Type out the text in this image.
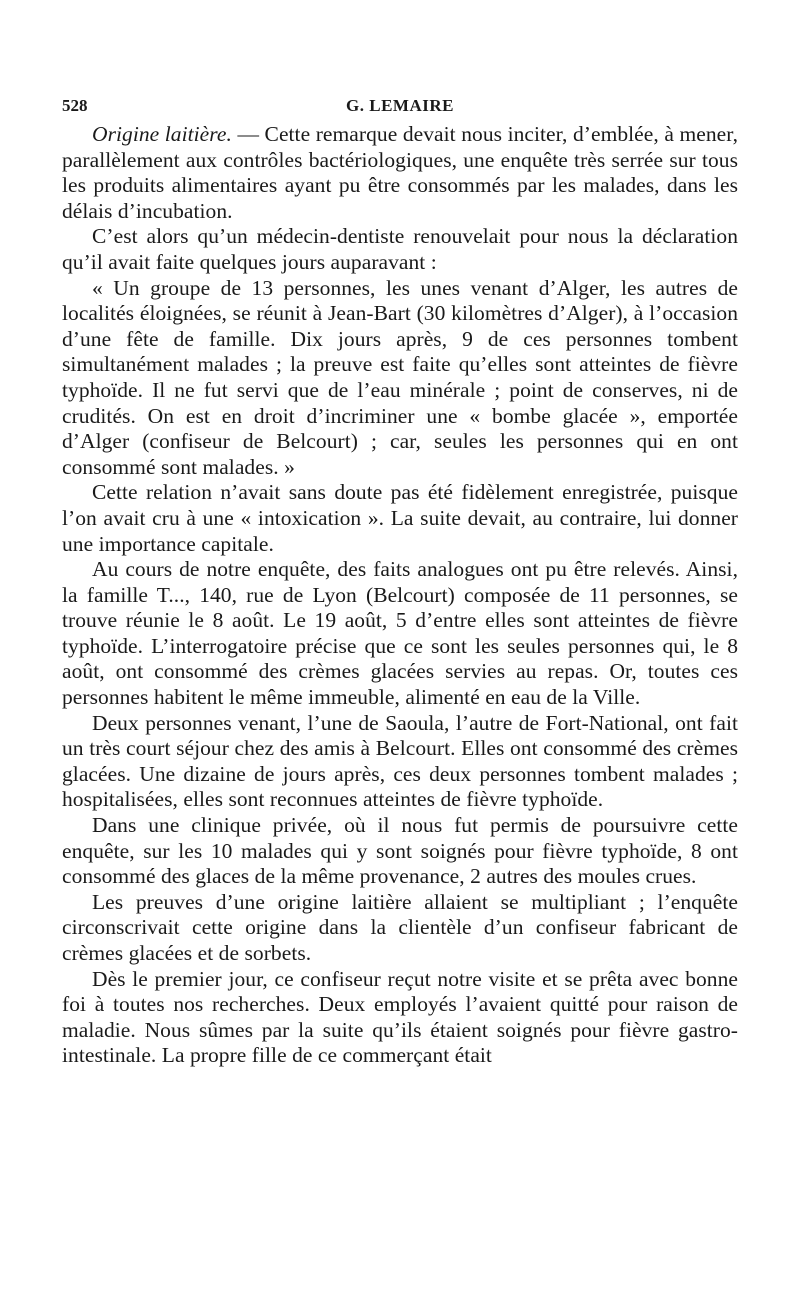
528	G. LEMAIRE

Origine laitière. — Cette remarque devait nous inciter, d’emblée, à mener, parallèlement aux contrôles bactériologiques, une enquête très serrée sur tous les produits alimentaires ayant pu être consommés par les malades, dans les délais d’incubation.

C’est alors qu’un médecin-dentiste renouvelait pour nous la déclaration qu’il avait faite quelques jours auparavant :

« Un groupe de 13 personnes, les unes venant d’Alger, les autres de localités éloignées, se réunit à Jean-Bart (30 kilomètres d’Alger), à l’occasion d’une fête de famille. Dix jours après, 9 de ces personnes tombent simultanément malades ; la preuve est faite qu’elles sont atteintes de fièvre typhoïde. Il ne fut servi que de l’eau minérale ; point de conserves, ni de crudités. On est en droit d’incriminer une « bombe glacée », emportée d’Alger (confiseur de Belcourt) ; car, seules les personnes qui en ont consommé sont malades. »

Cette relation n’avait sans doute pas été fidèlement enregistrée, puisque l’on avait cru à une « intoxication ». La suite devait, au contraire, lui donner une importance capitale.

Au cours de notre enquête, des faits analogues ont pu être relevés. Ainsi, la famille T..., 140, rue de Lyon (Belcourt) composée de 11 personnes, se trouve réunie le 8 août. Le 19 août, 5 d’entre elles sont atteintes de fièvre typhoïde. L’interrogatoire précise que ce sont les seules personnes qui, le 8 août, ont consommé des crèmes glacées servies au repas. Or, toutes ces personnes habitent le même immeuble, alimenté en eau de la Ville.

Deux personnes venant, l’une de Saoula, l’autre de Fort-National, ont fait un très court séjour chez des amis à Belcourt. Elles ont consommé des crèmes glacées. Une dizaine de jours après, ces deux personnes tombent malades ; hospitalisées, elles sont reconnues atteintes de fièvre typhoïde.

Dans une clinique privée, où il nous fut permis de poursuivre cette enquête, sur les 10 malades qui y sont soignés pour fièvre typhoïde, 8 ont consommé des glaces de la même provenance, 2 autres des moules crues.

Les preuves d’une origine laitière allaient se multipliant ; l’enquête circonscrivait cette origine dans la clientèle d’un confiseur fabricant de crèmes glacées et de sorbets.

Dès le premier jour, ce confiseur reçut notre visite et se prêta avec bonne foi à toutes nos recherches. Deux employés l’avaient quitté pour raison de maladie. Nous sûmes par la suite qu’ils étaient soignés pour fièvre gastro-intestinale. La propre fille de ce commerçant était
